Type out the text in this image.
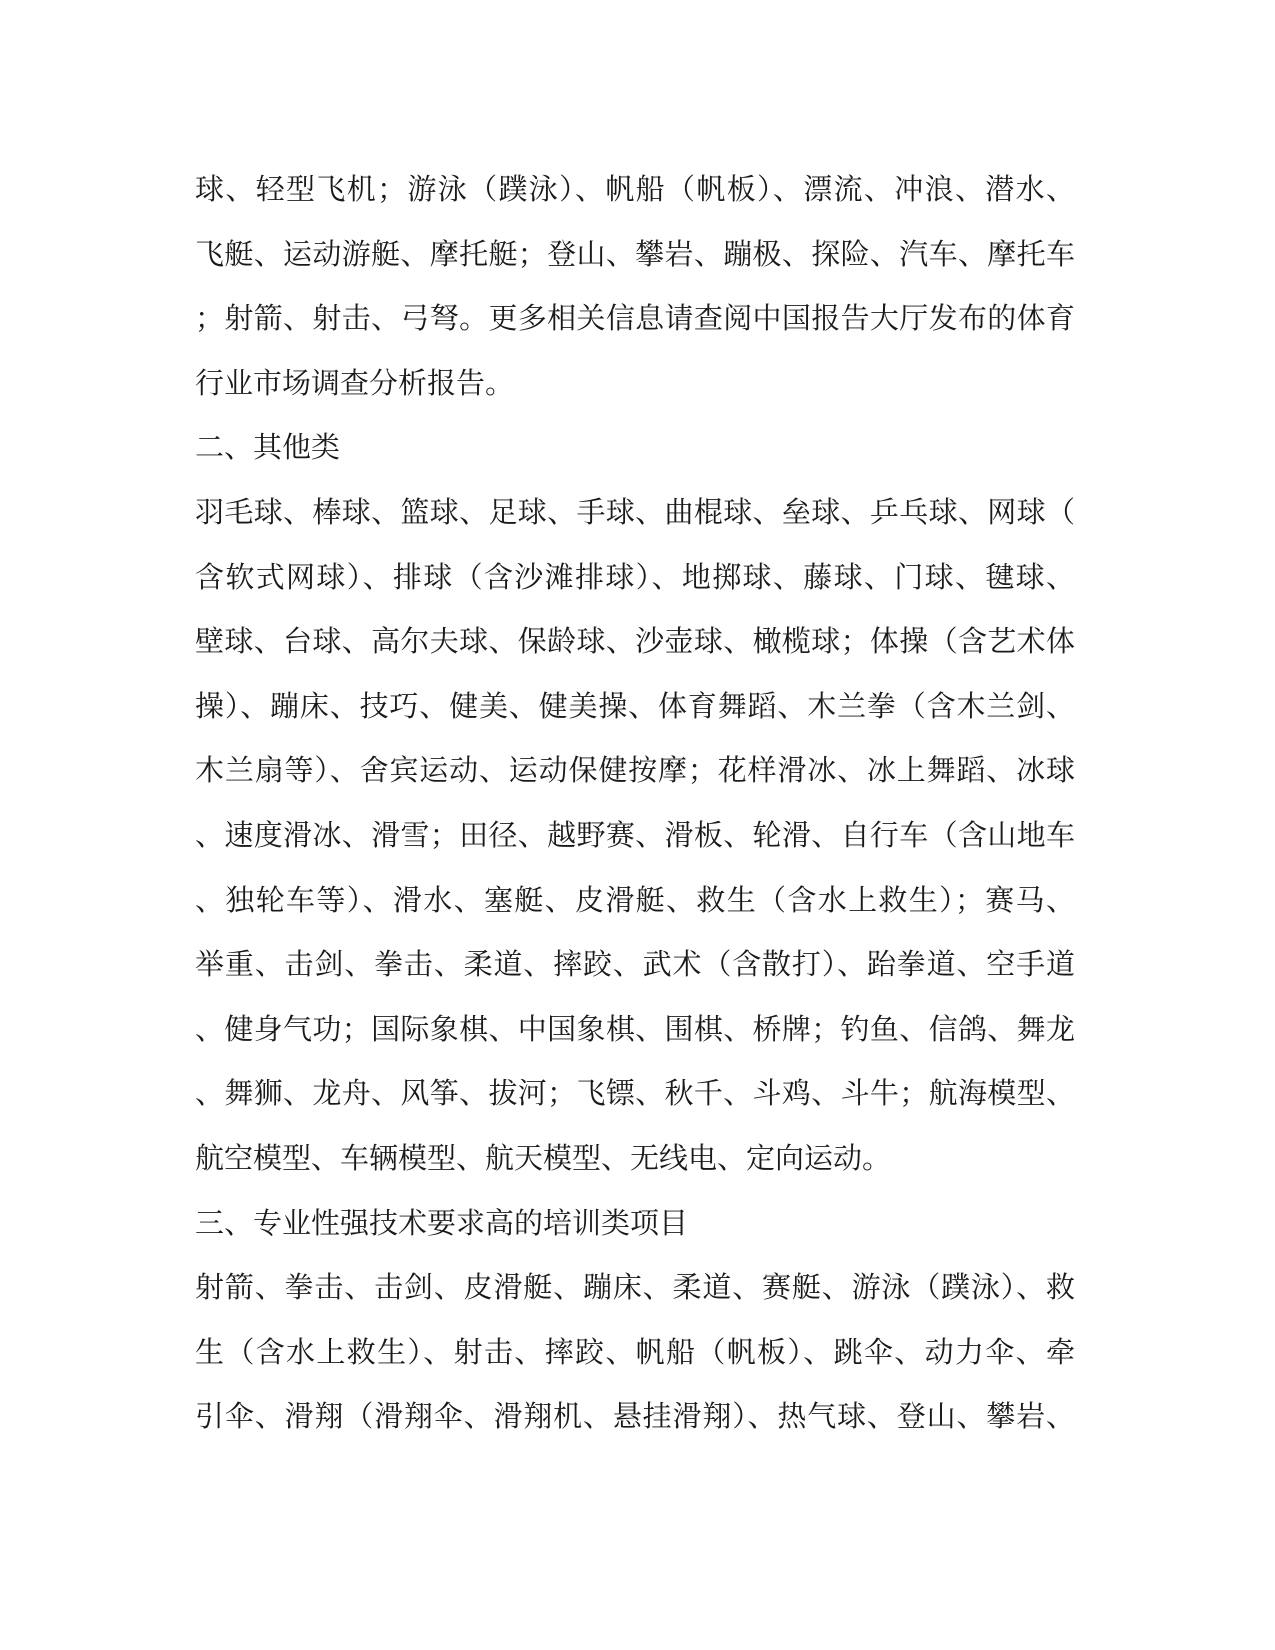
球、轻型飞机；游泳（蹼泳）、帆船（帆板）、漂流、冲浪、潜水、
飞艇、运动游艇、摩托艇；登山、攀岩、蹦极、探险、汽车、摩托车
；射箭、射击、弓弩。更多相关信息请查阅中国报告大厅发布的体育
行业市场调查分析报告。
二、其他类
羽毛球、棒球、篮球、足球、手球、曲棍球、垒球、乒乓球、网球（
含软式网球）、排球（含沙滩排球）、地掷球、藤球、门球、毽球、
壁球、台球、高尔夫球、保龄球、沙壶球、橄榄球；体操（含艺术体
操）、蹦床、技巧、健美、健美操、体育舞蹈、木兰拳（含木兰剑、
木兰扇等）、舍宾运动、运动保健按摩；花样滑冰、冰上舞蹈、冰球
、速度滑冰、滑雪；田径、越野赛、滑板、轮滑、自行车（含山地车
、独轮车等）、滑水、塞艇、皮滑艇、救生（含水上救生）；赛马、
举重、击剑、拳击、柔道、摔跤、武术（含散打）、跆拳道、空手道
、健身气功；国际象棋、中国象棋、围棋、桥牌；钓鱼、信鸽、舞龙
、舞狮、龙舟、风筝、拔河；飞镖、秋千、斗鸡、斗牛；航海模型、
航空模型、车辆模型、航天模型、无线电、定向运动。
三、专业性强技术要求高的培训类项目
射箭、拳击、击剑、皮滑艇、蹦床、柔道、赛艇、游泳（蹼泳）、救
生（含水上救生）、射击、摔跤、帆船（帆板）、跳伞、动力伞、牵
引伞、滑翔（滑翔伞、滑翔机、悬挂滑翔）、热气球、登山、攀岩、
